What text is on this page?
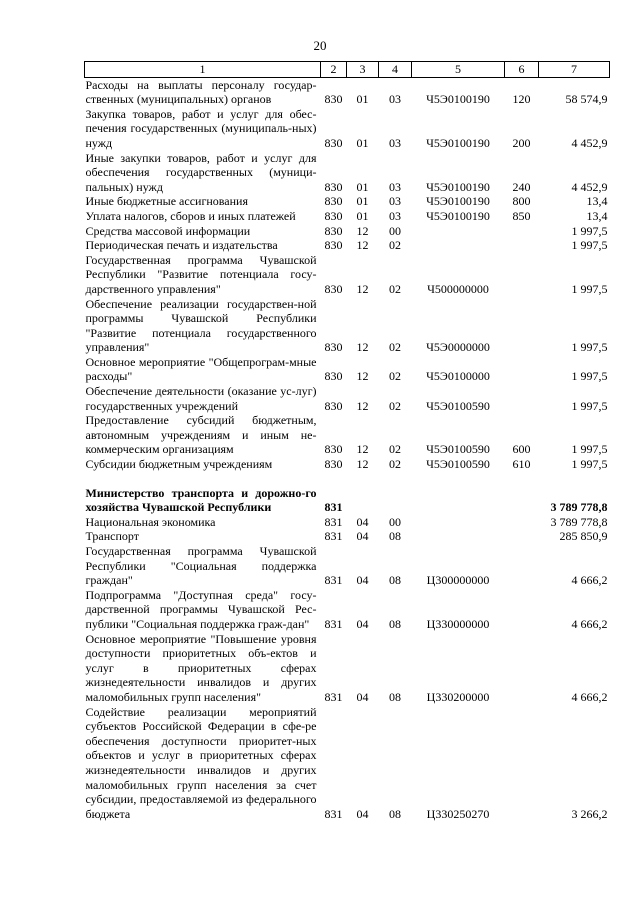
20
1	2	3	4	5	6	7
Расходы на выплаты персоналу государ-ственных (муниципальных) органов	830	01	03	Ч5Э0100190	120	58 574,9
Закупка товаров, работ и услуг для обес-печения государственных (муниципаль-ных) нужд	830	01	03	Ч5Э0100190	200	4 452,9
Иные закупки товаров, работ и услуг для обеспечения государственных (муници-пальных) нужд	830	01	03	Ч5Э0100190	240	4 452,9
Иные бюджетные ассигнования	830	01	03	Ч5Э0100190	800	13,4
Уплата налогов, сборов и иных платежей	830	01	03	Ч5Э0100190	850	13,4
Средства массовой информации	830	12	00			1 997,5
Периодическая печать и издательства	830	12	02			1 997,5
Государственная программа Чувашской Республики "Развитие потенциала госу-дарственного управления"	830	12	02	Ч500000000		1 997,5
Обеспечение реализации государствен-ной программы Чувашской Республики "Развитие потенциала государственного управления"	830	12	02	Ч5Э0000000		1 997,5
Основное мероприятие "Общепрограм-мные расходы"	830	12	02	Ч5Э0100000		1 997,5
Обеспечение деятельности (оказание ус-луг) государственных учреждений	830	12	02	Ч5Э0100590		1 997,5
Предоставление субсидий бюджетным, автономным учреждениям и иным не-коммерческим организациям	830	12	02	Ч5Э0100590	600	1 997,5
Субсидии бюджетным учреждениям	830	12	02	Ч5Э0100590	610	1 997,5

Министерство транспорта и дорожно-го хозяйства Чувашской Республики	831					3 789 778,8
Национальная экономика	831	04	00			3 789 778,8
Транспорт	831	04	08			285 850,9
Государственная программа Чувашской Республики "Социальная поддержка граждан"	831	04	08	Ц300000000		4 666,2
Подпрограмма "Доступная среда" госу-дарственной программы Чувашской Рес-публики "Социальная поддержка граж-дан"	831	04	08	Ц330000000		4 666,2
Основное мероприятие "Повышение уровня доступности приоритетных объ-ектов и услуг в приоритетных сферах жизнедеятельности инвалидов и других маломобильных групп населения"	831	04	08	Ц330200000		4 666,2
Содействие реализации мероприятий субъектов Российской Федерации в сфе-ре обеспечения доступности приоритет-ных объектов и услуг в приоритетных сферах жизнедеятельности инвалидов и других маломобильных групп населения за счет субсидии, предоставляемой из федерального бюджета	831	04	08	Ц330250270		3 266,2
